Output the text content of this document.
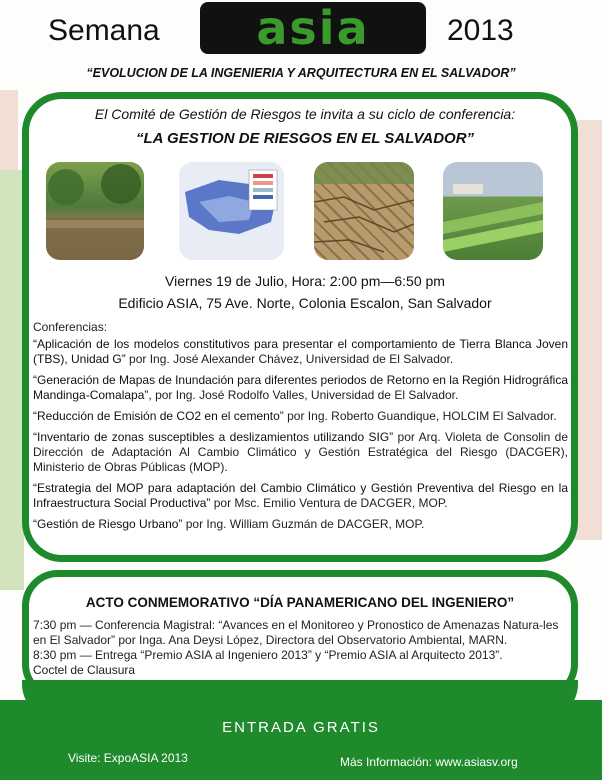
Semana asia	2013
“EVOLUCION DE LA INGENIERIA Y ARQUITECTURA EN EL SALVADOR”
El Comité de Gestión de Riesgos te invita a su ciclo de conferencia:
“LA GESTION DE RIESGOS EN EL SALVADOR”
Viernes 19 de Julio, Hora: 2:00 pm—6:50 pm
Edificio ASIA, 75 Ave. Norte, Colonia Escalon, San Salvador
Conferencias:
“Aplicación de los modelos constitutivos para presentar el comportamiento de Tierra Blanca Joven (TBS), Unidad G” por Ing. José Alexander Chávez, Universidad de El Salvador.
“Generación de Mapas de Inundación para diferentes periodos de Retorno en la Región Hidrográfica Mandinga-Comalapa”, por Ing. José Rodolfo Valles, Universidad de El Salvador.
“Reducción de Emisión de CO2 en el cemento” por Ing. Roberto Guandique, HOLCIM El Salvador.
“Inventario de zonas susceptibles a deslizamientos utilizando SIG” por Arq. Violeta de Consolin de Dirección de Adaptación Al Cambio Climático y Gestión Estratégica del Riesgo (DACGER), Ministerio de Obras Públicas (MOP).
“Estrategia del MOP para adaptación del Cambio Climático y Gestión Preventiva del Riesgo en la Infraestructura Social Productiva” por Msc. Emilio Ventura de DACGER, MOP.
“Gestión de Riesgo Urbano” por Ing. William Guzmán de DACGER, MOP.
ACTO CONMEMORATIVO “DÍA PANAMERICANO DEL INGENIERO”
7:30 pm — Conferencia Magistral: “Avances en el Monitoreo y Pronostico de Amenazas Natura-les en El Salvador” por Inga. Ana Deysi López, Directora del Observatorio Ambiental, MARN.
8:30 pm — Entrega “Premio ASIA al Ingeniero 2013” y “Premio ASIA al Arquitecto 2013”.
Coctel de Clausura
ENTRADA GRATIS
Visite: ExpoASIA 2013	Más Información: www.asiasv.org
